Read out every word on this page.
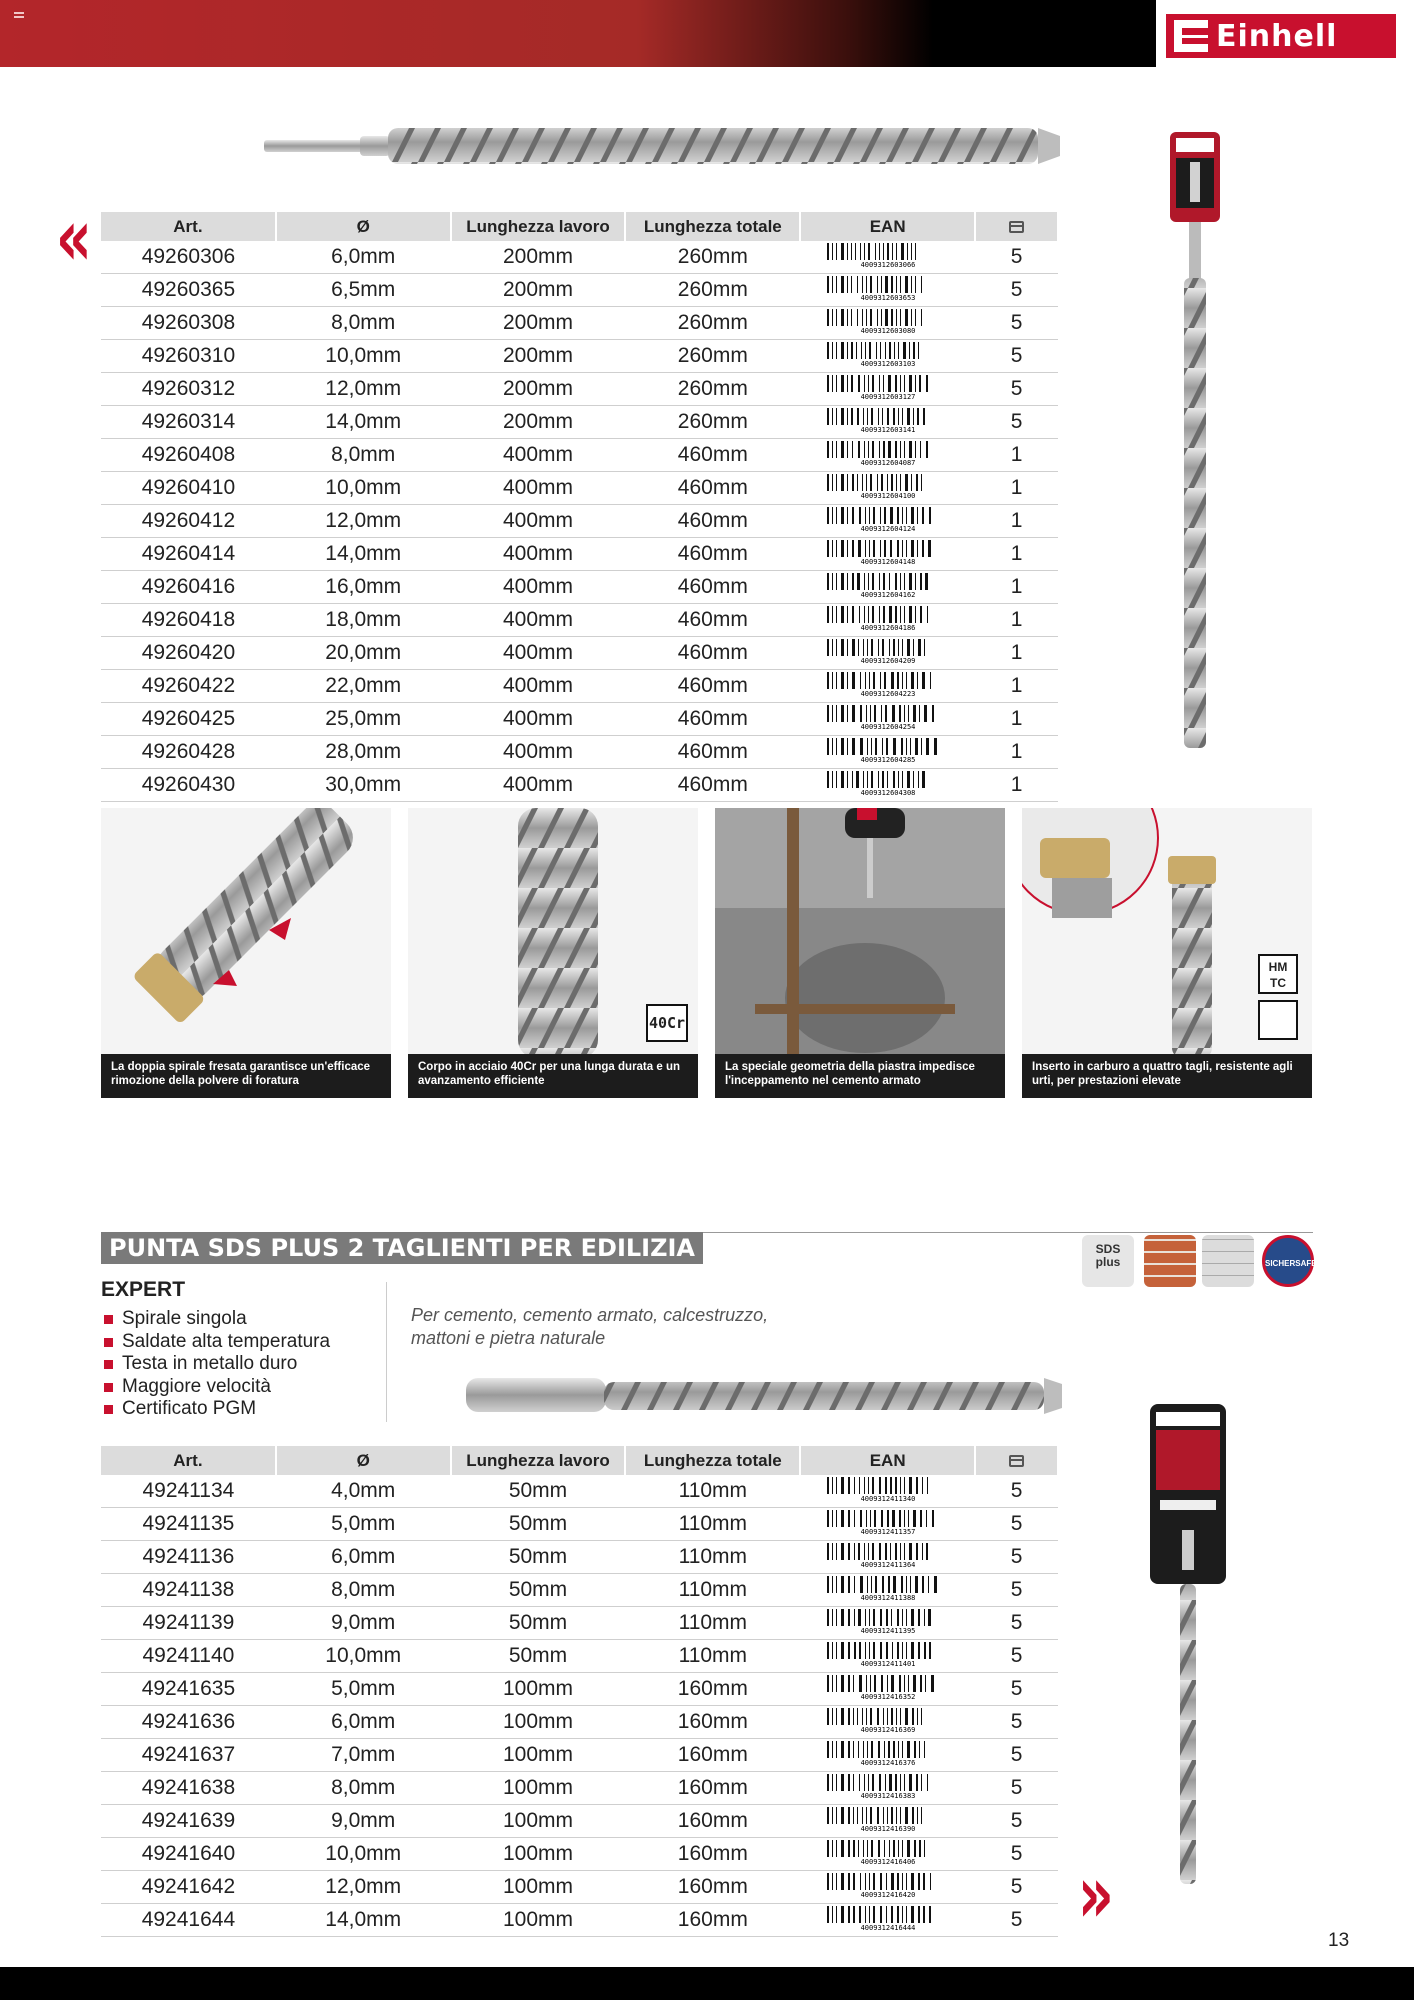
Einhell
«
»
Art.	Ø	Lunghezza lavoro	Lunghezza totale	EAN	
49260306	6,0mm	200mm	260mm	4009312603066	5
49260365	6,5mm	200mm	260mm	4009312603653	5
49260308	8,0mm	200mm	260mm	4009312603080	5
49260310	10,0mm	200mm	260mm	4009312603103	5
49260312	12,0mm	200mm	260mm	4009312603127	5
49260314	14,0mm	200mm	260mm	4009312603141	5
49260408	8,0mm	400mm	460mm	4009312604087	1
49260410	10,0mm	400mm	460mm	4009312604100	1
49260412	12,0mm	400mm	460mm	4009312604124	1
49260414	14,0mm	400mm	460mm	4009312604148	1
49260416	16,0mm	400mm	460mm	4009312604162	1
49260418	18,0mm	400mm	460mm	4009312604186	1
49260420	20,0mm	400mm	460mm	4009312604209	1
49260422	22,0mm	400mm	460mm	4009312604223	1
49260425	25,0mm	400mm	460mm	4009312604254	1
49260428	28,0mm	400mm	460mm	4009312604285	1
49260430	30,0mm	400mm	460mm	4009312604308	1
La doppia spirale fresata garantisce un'efficace rimozione della polvere di foratura
40Cr
Corpo in acciaio 40Cr per una lunga durata e un avanzamento efficiente
La speciale geometria della piastra impedisce l'inceppamento nel cemento armato
HM TC
Inserto in carburo a quattro tagli, resistente agli urti, per prestazioni elevate
PUNTA SDS PLUS 2 TAGLIENTI PER EDILIZIA
EXPERT
Spirale singola
Saldate alta temperatura
Testa in metallo duro
Maggiore velocità
Certificato PGM
Per cemento, cemento armato, calcestruzzo, mattoni e pietra naturale
SDS plus	SICHERSAFE
Art.	Ø	Lunghezza lavoro	Lunghezza totale	EAN	
49241134	4,0mm	50mm	110mm	4009312411340	5
49241135	5,0mm	50mm	110mm	4009312411357	5
49241136	6,0mm	50mm	110mm	4009312411364	5
49241138	8,0mm	50mm	110mm	4009312411388	5
49241139	9,0mm	50mm	110mm	4009312411395	5
49241140	10,0mm	50mm	110mm	4009312411401	5
49241635	5,0mm	100mm	160mm	4009312416352	5
49241636	6,0mm	100mm	160mm	4009312416369	5
49241637	7,0mm	100mm	160mm	4009312416376	5
49241638	8,0mm	100mm	160mm	4009312416383	5
49241639	9,0mm	100mm	160mm	4009312416390	5
49241640	10,0mm	100mm	160mm	4009312416406	5
49241642	12,0mm	100mm	160mm	4009312416420	5
49241644	14,0mm	100mm	160mm	4009312416444	5
13
